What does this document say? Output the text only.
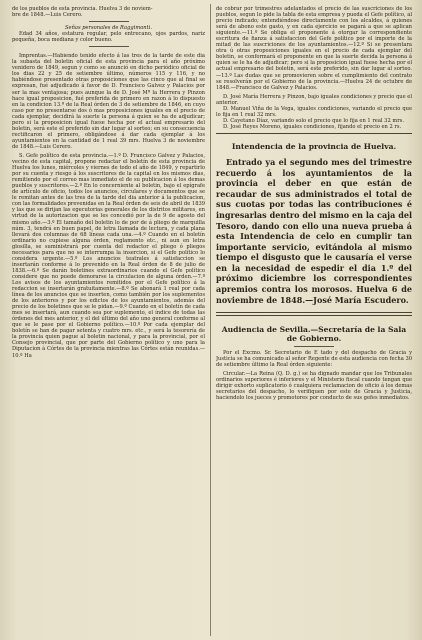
de los pueblos de esta provincia. Huelva 3 de noviem-

bre de 1848.—Luis Cerero.

Señas personales de Raggimonti.

Edad 34 años, estatura regular, pelo entrecano, ojos pardos, nariz pequeña, boca mediana y color bueno.

Imprentas.—Habiendo tenido efecto á las tres de la tarde de este dia la subasta del boletin oficial de esta provincia para el año próximo venidero de 1849, segun y como se anunció en dicho periódico oficial de los dias 22 y 25 de setiembre último, números 115 y 116, y no habiéndose presentado otras proposiciones que las cinco que al final se expresan, fué adjudicado á favor de D. Francisco Galvez y Palacios por ser la mas ventajosa; pues aunque la de D. José Mª la Herrera y Pinzon hace igual proposicion, fué preferida de primero en razon á lo dispuesto en la condicion 13.ª de la Real órden de 3 de setiembre de 1846, en cuyo caso por no presentarse dos ó mas proposiciones iguales en el precio de cada ejemplar, decidirá la suerte la persona á quien se ha de adjudicar; pero si la proposicion igual fuese hecha por el actual empresario del boletin, será este el preferido sin dar lugar al sorteo; en su consecuencia rectificaron el primero, obligándose á dar cada ejemplar á los ayuntamientos en la cantidad de 1 real 39 mrs. Huelva 3 de noviembre de 1848.—Luis Cerero.

S. Gefe político de esta provincia.—1.º D. Francisco Galvez y Palacios, vecino de esta capital, propone redactar el boletín de esta provincia de Huelva los lunes, miércoles y viernes de todo el año de 1849, y repartirlo por su cuenta y riesgo á los suscritores de la capital en los mismos dias, remitiendo por el correo mas inmediato el de su publicacion á los demas pueblos y suscritores.—2.º En lo concerniente al boletin, bajo el epígrafe de artículo de oficio, todos los anuncios, circulares y documentos que se le remitan antes de las tres de la tarde del dia anterior á la publicacion, con las formalidades prevenidas en la Real órden de seis de abril de 1839 y las que se dirijan las egecutorias generales de los distritos militares, en virtud de la autorizacion que se les concedió por la de 9 de agosto del mismo año.—3.º El tamaño del boletin lo de por de á pliego de marquilla núm. 3, tendrá en buen papel, de letra llamada de lectura, y cada plana llevará dos columnas de 68 líneas cada una.—4.º Cuando en el boletín ordinario no cupiese alguna órden, reglamento etc., ni aun en letra glosilla, se suministrará por cuenta del redactor el pliego ó pliegos necesarios para que no se interrumpa la insercion, si el Gefe político lo considera urgente.—5.º Los anuncios teatrales á satisfaccion se insertarán conforme á lo prevenido en la Real órden de 8 de julio de 1838.—6.º Se darán boletines extraordinarios cuando el Gefe político considere que no puede demorarse la circulacion de alguna órden.—7.º Los avisos de los ayuntamientos remitidos por el Gefe político á la redaccion se insertarán gratuitamente.—8.º Se abonará 1 real por cada línea de los anuncios que se inserten, como también por los suplementos de los anteriores y por los edictos de los ayuntamientos, además del precio de los boletines que se le pidan.—9.º Cuando en el boletín de cada mes se insertará, aun cuando sea por suplemento, el índice de todas las órdenes del mes anterior, y el del último del año uno general conforme al que se le pase por el Gobierno político.—10.º Por cada ejemplar del boletín se han de pagar setenta y cuatro mrs. etc., y será la tesorería de la provincia quien pague al boletin nacional, y para la provincial, por el Consejo provincial, que por parte del Gobierno político y uno para la Diputacion á Córtes de la provincia mientras las Córtes están reunidas.—10.º Ha

de cobrar por trimestres adelantados el precio de las suscriciones de los pueblos, segun lo pide la tabla de esta empresa y pueda el Gefe político, al precio indicado; entendiéndose directamente con los alcaldes, á quienes será de abono este gasto, y en cada ejercicio se pagará a que se aplican siguiente.—11.º Se obliga el proponente á otorgar la correspondiente escritura de fianza á satisfaccion del Gefe político por el importe de la mitad de las suscriciones de los ayuntamientos.—12.º Si se presentara otra ú otras proposiciones iguales en el precio de cada ejemplar del boletin, se conformará el proponente en que la suerte decida la persona á quien se le ha de adjudicar; pero si la proposicion igual fuese hecha por el actual empresario del boletin, será este preferido, sin dar lugar al sorteo.—13.º Las dudas que se promovieren sobre el cumplimiento del contrato se resolverán por el Gobierno de la provincia.—Huelva 24 de octubre de 1848.—Francisco de Galvez y Palacios.

D. José María Herrera y Pinzon, bajo iguales condiciones y precio que el anterior.

D. Manuel Viña de la Vega, iguales condiciones, variando el precio que lo fija en 1 real 32 mrs.

D. Cayetano Díaz, variando solo el precio que lo fija en 1 real 32 mrs.

D. José Reyes Moreno, iguales condiciones, fijando el precio en 2 rs.

Intendencia de la provincia de Huelva.

Entrado ya el segundo mes del trimestre recuerdo á los ayuntamientos de la provincia el deber en que están de recaudar de sus administrados el total de sus cuotas por todas las contribuciones é ingresarlas dentro del mismo en la caja del Tesoro, dando con ello una nueva prueba á esta Intendencia de celo en cumplir tan importante servicio, evitándola al mismo tiempo el disgusto que le causaría el verse en la necesidad de espedir el dia 1.º del próximo diciembre los correspondientes apremios contra los morosos. Huelva 6 de noviembre de 1848.—José María Escudero.

Audiencia de Sevilla.—Secretaría de la Sala de Gobierno.

Por el Excmo. Sr. Secretario de E tado y del despacho de Gracia y Justicia se ha comunicado al señor Regente de esta audiencia con fecha 30 de setiembre último la Real órden siguiente:

Circular.—La Reina (Q. D. g.) se ha dignado mandar que los Tribunales ordinarios superiores é inferiores y el Ministerio fiscal cuando tengan que dirigir exhorto suplicatorio ó cualquiera reclamacion de oficio á los demas secretarios del despacho, lo verifiquen por este de Gracia y Justicia, haciendolo los jueces y promotores por conducto de sus gefes inmediatos.
